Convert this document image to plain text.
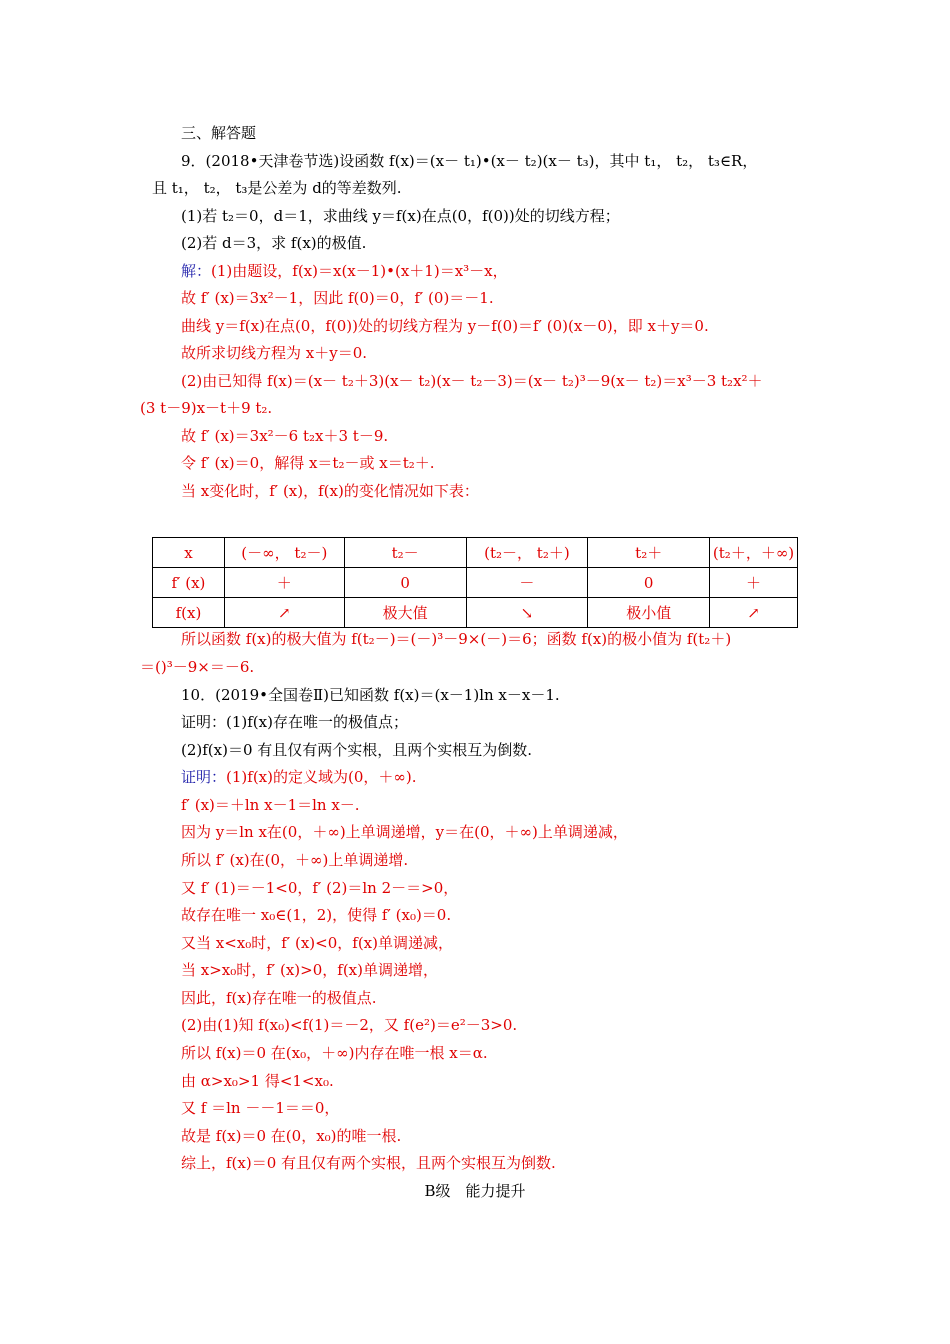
三、解答题
9．(2018•天津卷节选)设函数 f(x)＝(x－ t₁)•(x－ t₂)(x－ t₃)，其中 t₁， t₂， t₃∈R，
且 t₁， t₂， t₃是公差为 d的等差数列.
(1)若 t₂＝0，d＝1，求曲线 y＝f(x)在点(0，f(0))处的切线方程；
(2)若 d＝3，求 f(x)的极值.
解：(1)由题设，f(x)＝x(x－1)•(x＋1)＝x³－x，
故 f′ (x)＝3x²－1，因此 f(0)＝0，f′ (0)＝－1.
曲线 y＝f(x)在点(0，f(0))处的切线方程为 y－f(0)＝f′ (0)(x－0)，即 x＋y＝0.
故所求切线方程为 x＋y＝0.
(2)由已知得 f(x)＝(x－ t₂＋3)(x－ t₂)(x－ t₂－3)＝(x－ t₂)³－9(x－ t₂)＝x³－3 t₂x²＋
(3 t－9)x－t＋9 t₂.
故 f′ (x)＝3x²－6 t₂x＋3 t－9.
令 f′ (x)＝0，解得 x＝t₂－或 x＝t₂＋.
当 x变化时，f′ (x)，f(x)的变化情况如下表：
x	(－∞， t₂－)	t₂－	(t₂－， t₂＋)	t₂＋	(t₂＋，＋∞)
f′ (x)	＋	0	－	0	＋
f(x)	↗	极大值	↘	极小值	↗
所以函数 f(x)的极大值为 f(t₂－)＝(－)³－9×(－)＝6；函数 f(x)的极小值为 f(t₂＋)
＝()³－9×＝－6.
10．(2019•全国卷Ⅱ)已知函数 f(x)＝(x－1)ln x－x－1.
证明：(1)f(x)存在唯一的极值点；
(2)f(x)＝0 有且仅有两个实根，且两个实根互为倒数.
证明：(1)f(x)的定义域为(0，＋∞).
f′ (x)＝＋ln x－1＝ln x－.
因为 y＝ln x在(0，＋∞)上单调递增，y＝在(0，＋∞)上单调递减，
所以 f′ (x)在(0，＋∞)上单调递增.
又 f′ (1)＝－1<0，f′ (2)＝ln 2－＝>0，
故存在唯一 x₀∈(1，2)，使得 f′ (x₀)＝0.
又当 x<x₀时，f′ (x)<0，f(x)单调递减，
当 x>x₀时，f′ (x)>0，f(x)单调递增，
因此，f(x)存在唯一的极值点.
(2)由(1)知 f(x₀)<f(1)＝－2，又 f(e²)＝e²－3>0.
所以 f(x)＝0 在(x₀，＋∞)内存在唯一根 x＝α.
由 α>x₀>1 得<1<x₀.
又 f ＝ln －－1＝＝0，
故是 f(x)＝0 在(0，x₀)的唯一根.
综上，f(x)＝0 有且仅有两个实根，且两个实根互为倒数.
B级　能力提升
